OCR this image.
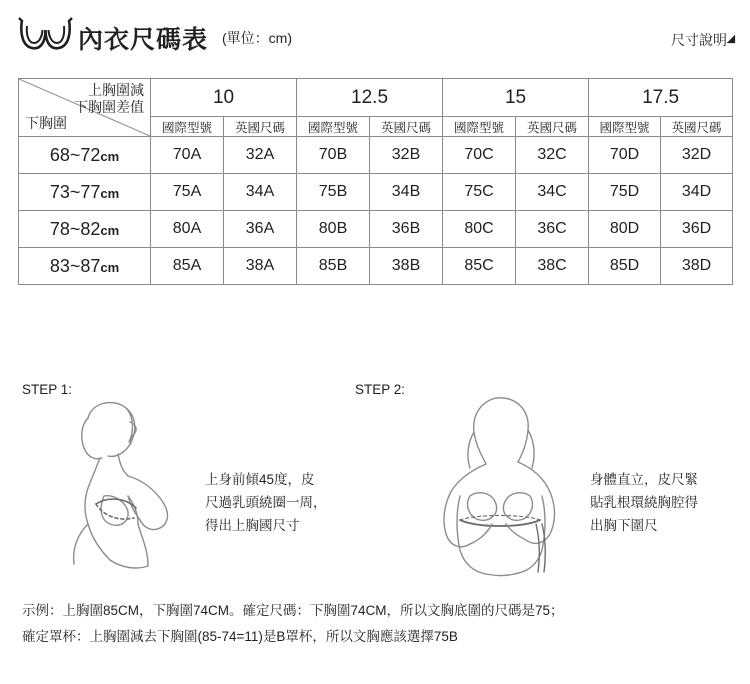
內衣尺碼表 (單位：cm)	尺寸說明
上胸圍減
下胸圍差值
下胸圍	10		12.5		15		17.5	
	國際型號	英國尺碼	國際型號	英國尺碼	國際型號	英國尺碼	國際型號	英國尺碼
68~72cm	70A	32A	70B	32B	70C	32C	70D	32D
73~77cm	75A	34A	75B	34B	75C	34C	75D	34D
78~82cm	80A	36A	80B	36B	80C	36C	80D	36D
83~87cm	85A	38A	85B	38B	85C	38C	85D	38D
STEP 1:	STEP 2:
上身前傾45度，皮
尺過乳頭繞圈一周，
得出上胸國尺寸
身體直立，皮尺緊
貼乳根環繞胸腔得
出胸下圍尺
示例：上胸圍85CM，下胸圍74CM。確定尺碼：下胸圍74CM，所以文胸底圍的尺碼是75；
確定罩杯：上胸圍減去下胸圍(85-74=11)是B罩杯，所以文胸應該選擇75B
